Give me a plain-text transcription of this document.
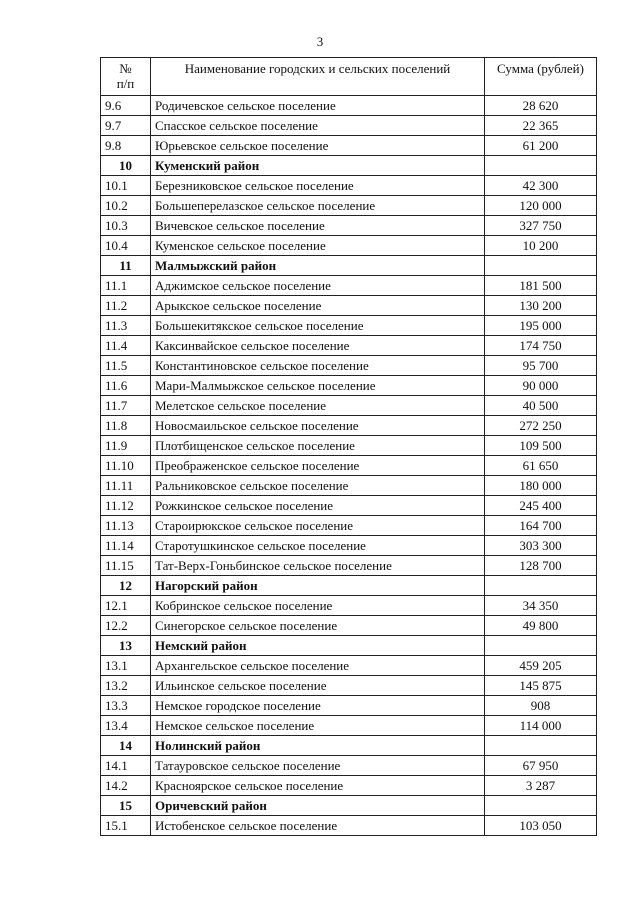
3
№
п/п	Наименование городских и сельских поселений	Сумма (рублей)
9.6	Родичевское сельское поселение	28 620
9.7	Спасское сельское поселение	22 365
9.8	Юрьевское сельское поселение	61 200
10	Куменский район	
10.1	Березниковское сельское поселение	42 300
10.2	Большеперелазское сельское поселение	120 000
10.3	Вичевское сельское поселение	327 750
10.4	Куменское сельское поселение	10 200
11	Малмыжский район	
11.1	Аджимское сельское поселение	181 500
11.2	Арыкское сельское поселение	130 200
11.3	Большекитякское сельское поселение	195 000
11.4	Каксинвайское сельское поселение	174 750
11.5	Константиновское сельское поселение	95 700
11.6	Мари-Малмыжское сельское поселение	90 000
11.7	Мелетское сельское поселение	40 500
11.8	Новосмаильское сельское поселение	272 250
11.9	Плотбищенское сельское поселение	109 500
11.10	Преображенское сельское поселение	61 650
11.11	Ральниковское сельское поселение	180 000
11.12	Рожкинское сельское поселение	245 400
11.13	Староирюкское сельское поселение	164 700
11.14	Старотушкинское сельское поселение	303 300
11.15	Тат-Верх-Гоньбинское сельское поселение	128 700
12	Нагорский район	
12.1	Кобринское сельское поселение	34 350
12.2	Синегорское сельское поселение	49 800
13	Немский район	
13.1	Архангельское сельское поселение	459 205
13.2	Ильинское сельское поселение	145 875
13.3	Немское городское поселение	908
13.4	Немское сельское поселение	114 000
14	Нолинский район	
14.1	Татауровское сельское поселение	67 950
14.2	Красноярское сельское поселение	3 287
15	Оричевский район	
15.1	Истобенское сельское поселение	103 050
